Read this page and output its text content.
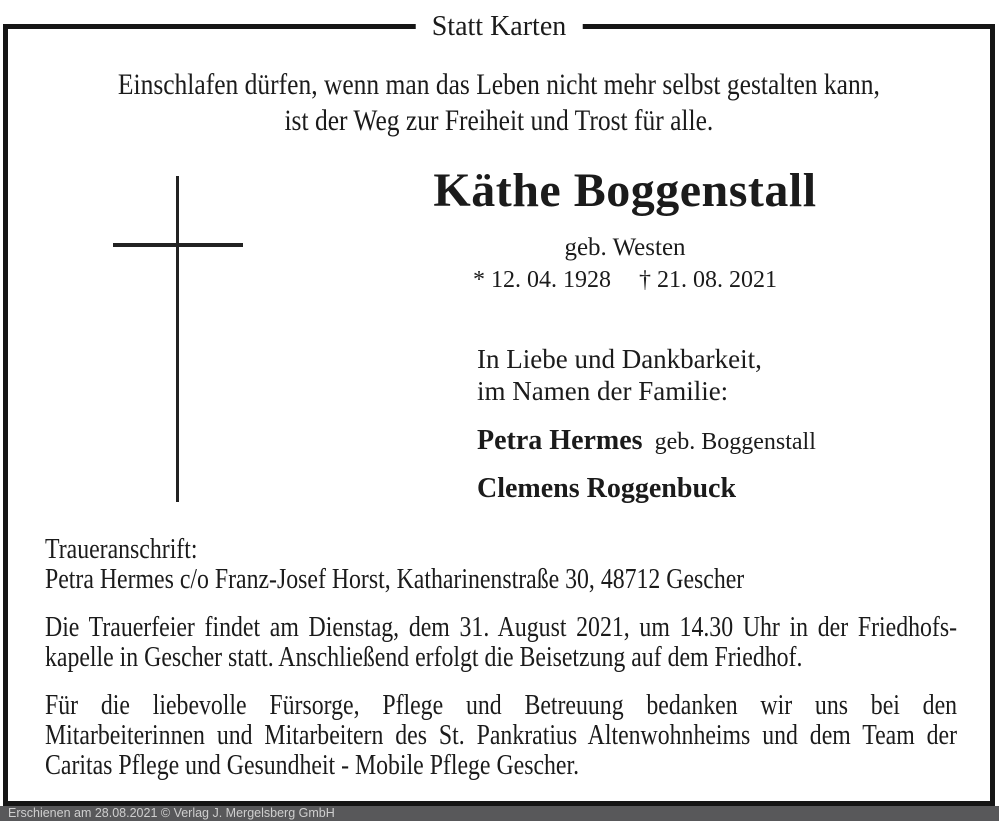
Statt Karten
Einschlafen dürfen, wenn man das Leben nicht mehr selbst gestalten kann,
ist der Weg zur Freiheit und Trost für alle.
Käthe Boggenstall
geb. Westen
* 12. 04. 1928 † 21. 08. 2021
In Liebe und Dankbarkeit,
im Namen der Familie:
Petra Hermes geb. Boggenstall
Clemens Roggenbuck
Traueranschrift:
Petra Hermes c/o Franz-Josef Horst, Katharinenstraße 30, 48712 Gescher
Die Trauerfeier findet am Dienstag, dem 31. August 2021, um 14.30 Uhr in der Friedhofs-
kapelle in Gescher statt. Anschließend erfolgt die Beisetzung auf dem Friedhof.
Für die liebevolle Fürsorge, Pflege und Betreuung bedanken wir uns bei den
Mitarbeiterinnen und Mitarbeitern des St. Pankratius Altenwohnheims und dem Team der
Caritas Pflege und Gesundheit - Mobile Pflege Gescher.
Erschienen am 28.08.2021 © Verlag J. Mergelsberg GmbH
